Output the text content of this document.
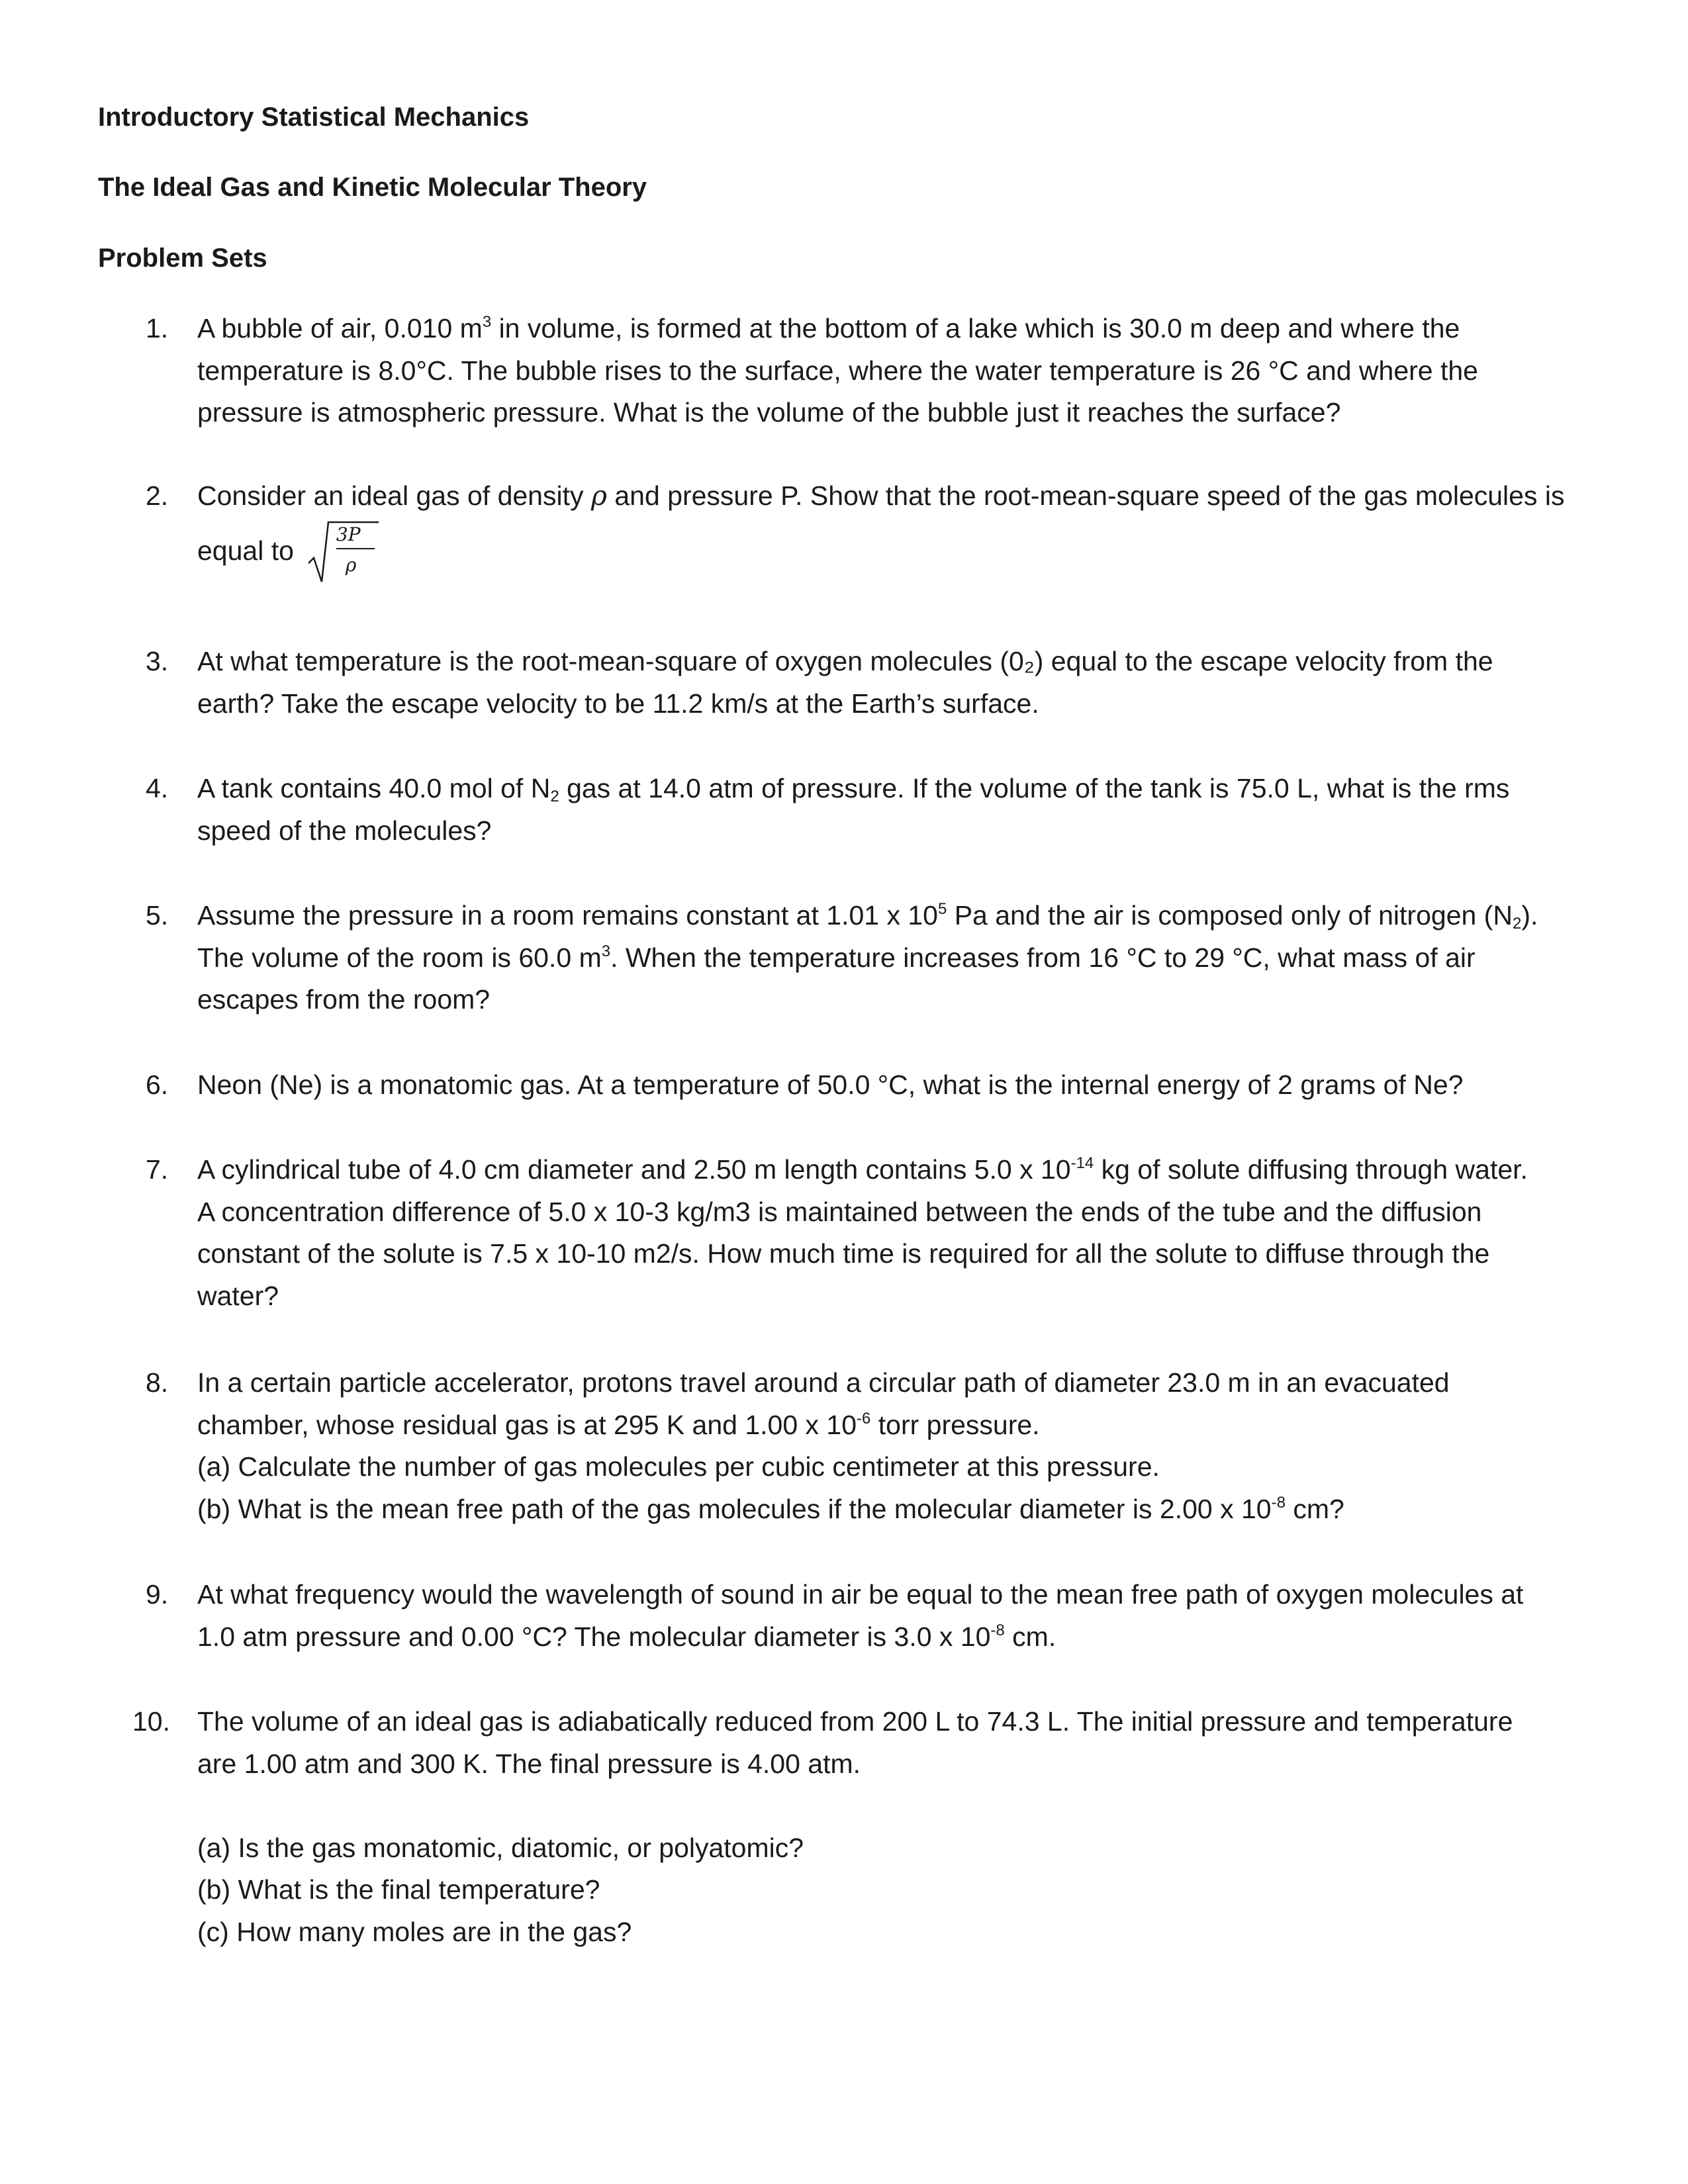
Introductory Statistical Mechanics
The Ideal Gas and Kinetic Molecular Theory
Problem Sets
1. A bubble of air, 0.010 $m^3$ in volume, is formed at the bottom of a lake which is 30.0 m deep and where the
temperature is 8.0°C. The bubble rises to the surface, where the water temperature is 26 °C and where the
pressure is atmospheric pressure. What is the volume of the bubble just it reaches the surface?
2. Consider an ideal gas of density ρ and pressure P. Show that the root-mean-square speed of the gas molecules is
equal to
3P
ρ
3. At what temperature is the root-mean-square of oxygen molecules (0₂) equal to the escape velocity from the
earth? Take the escape velocity to be 11.2 km/s at the Earth’s surface.
4. A tank contains 40.0 mol of $N_2$ gas at 14.0 atm of pressure. If the volume of the tank is 75.0 L, what is the rms
speed of the molecules?
5. Assume the pressure in a room remains constant at 1.01 x $10^5$ Pa and the air is composed only of nitrogen $(N_2)$.
The volume of the room is 60.0 $m^3$. When the temperature increases from 16 °C to 29 °C, what mass of air
escapes from the room?
6. Neon (Ne) is a monatomic gas. At a temperature of 50.0 °C, what is the internal energy of 2 grams of Ne?
7. A cylindrical tube of 4.0 cm diameter and 2.50 m length contains 5.0 x $10^{-14}$ kg of solute diffusing through water.
A concentration difference of 5.0 x 10-3 kg/m3 is maintained between the ends of the tube and the diffusion
constant of the solute is 7.5 x 10-10 m2/s. How much time is required for all the solute to diffuse through the
water?
8. In a certain particle accelerator, protons travel around a circular path of diameter 23.0 m in an evacuated
chamber, whose residual gas is at 295 K and 1.00 x $10^{-6}$ torr pressure.
(a) Calculate the number of gas molecules per cubic centimeter at this pressure.
(b) What is the mean free path of the gas molecules if the molecular diameter is 2.00 x $10^{-8}$ cm?
9. At what frequency would the wavelength of sound in air be equal to the mean free path of oxygen molecules at
1.0 atm pressure and 0.00 °C? The molecular diameter is 3.0 x $10^{-8}$ cm.
10. The volume of an ideal gas is adiabatically reduced from 200 L to 74.3 L. The initial pressure and temperature
are 1.00 atm and 300 K. The final pressure is 4.00 atm.
(a) Is the gas monatomic, diatomic, or polyatomic?
(b) What is the final temperature?
(c) How many moles are in the gas?
